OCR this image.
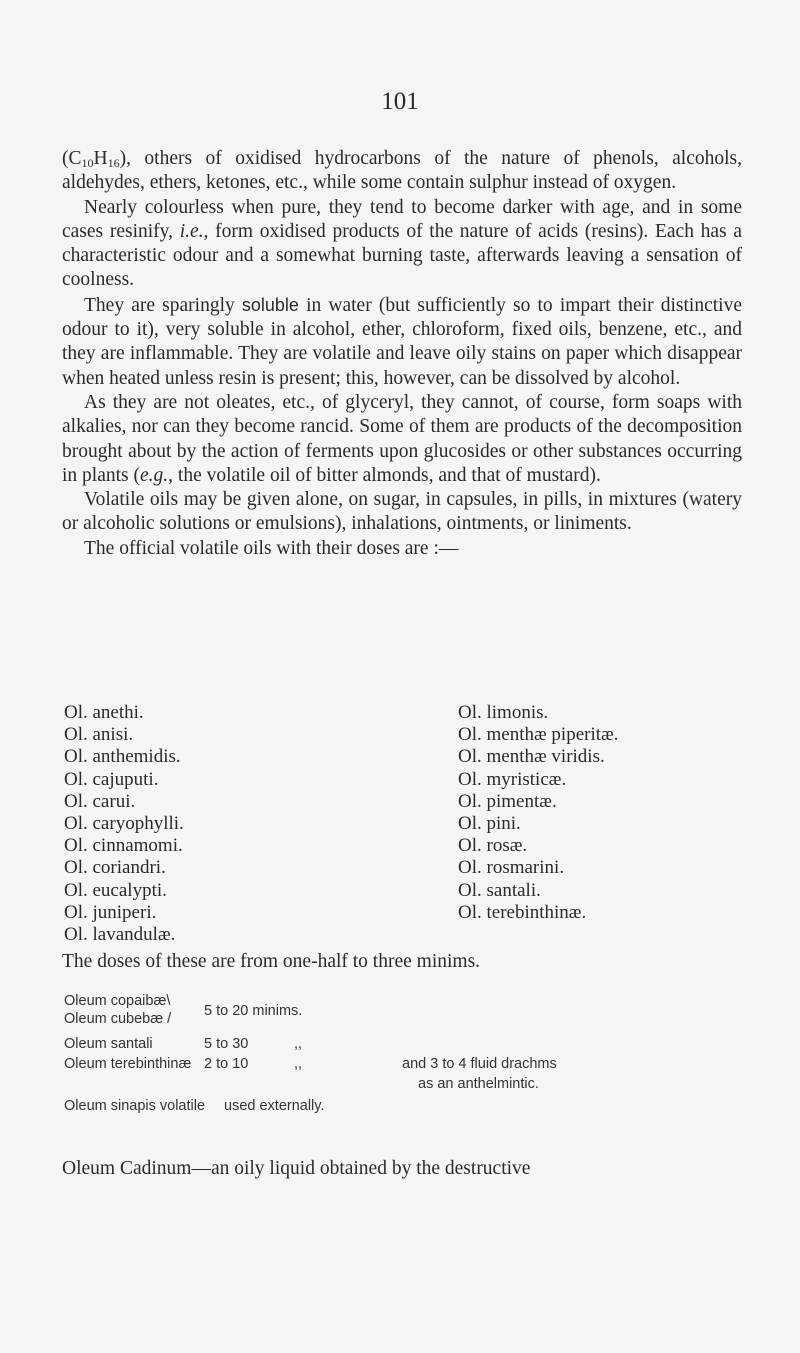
101

$(C_{10}H_{16})$, others of oxidised hydrocarbons of the nature of phenols, alcohols, aldehydes, ethers, ketones, etc., while some contain sulphur instead of oxygen.

Nearly colourless when pure, they tend to become darker with age, and in some cases resinify, i.e., form oxidised products of the nature of acids (resins). Each has a characteristic odour and a somewhat burning taste, afterwards leaving a sensation of coolness.

They are sparingly soluble in water (but sufficiently so to impart their distinctive odour to it), very soluble in alcohol, ether, chloroform, fixed oils, benzene, etc., and they are inflammable. They are volatile and leave oily stains on paper which disappear when heated unless resin is present; this, however, can be dissolved by alcohol.

As they are not oleates, etc., of glyceryl, they cannot, of course, form soaps with alkalies, nor can they become rancid. Some of them are products of the decomposition brought about by the action of ferments upon glucosides or other substances occurring in plants (e.g., the volatile oil of bitter almonds, and that of mustard).

Volatile oils may be given alone, on sugar, in capsules, in pills, in mixtures (watery or alcoholic solutions or emulsions), inhalations, ointments, or liniments.

The official volatile oils with their doses are :—

Ol. anethi.
Ol. anisi.
Ol. anthemidis.
Ol. cajuputi.
Ol. carui.
Ol. caryophylli.
Ol. cinnamomi.
Ol. coriandri.
Ol. eucalypti.
Ol. juniperi.
Ol. lavandulæ.
Ol. limonis.
Ol. menthæ piperitæ.
Ol. menthæ viridis.
Ol. myristicæ.
Ol. pimentæ.
Ol. pini.
Ol. rosæ.
Ol. rosmarini.
Ol. santali.
Ol. terebinthinæ.
The doses of these are from one-half to three minims.
Oleum copaibæ\
Oleum cubebæ / 5 to 20 minims.
Oleum santali	5 to 30	,,
Oleum terebinthinæ 2 to 10	,,	and 3 to 4 fluid drachms
as an anthelmintic.
Oleum sinapis volatile used externally.
Oleum Cadinum—an oily liquid obtained by the destructive
